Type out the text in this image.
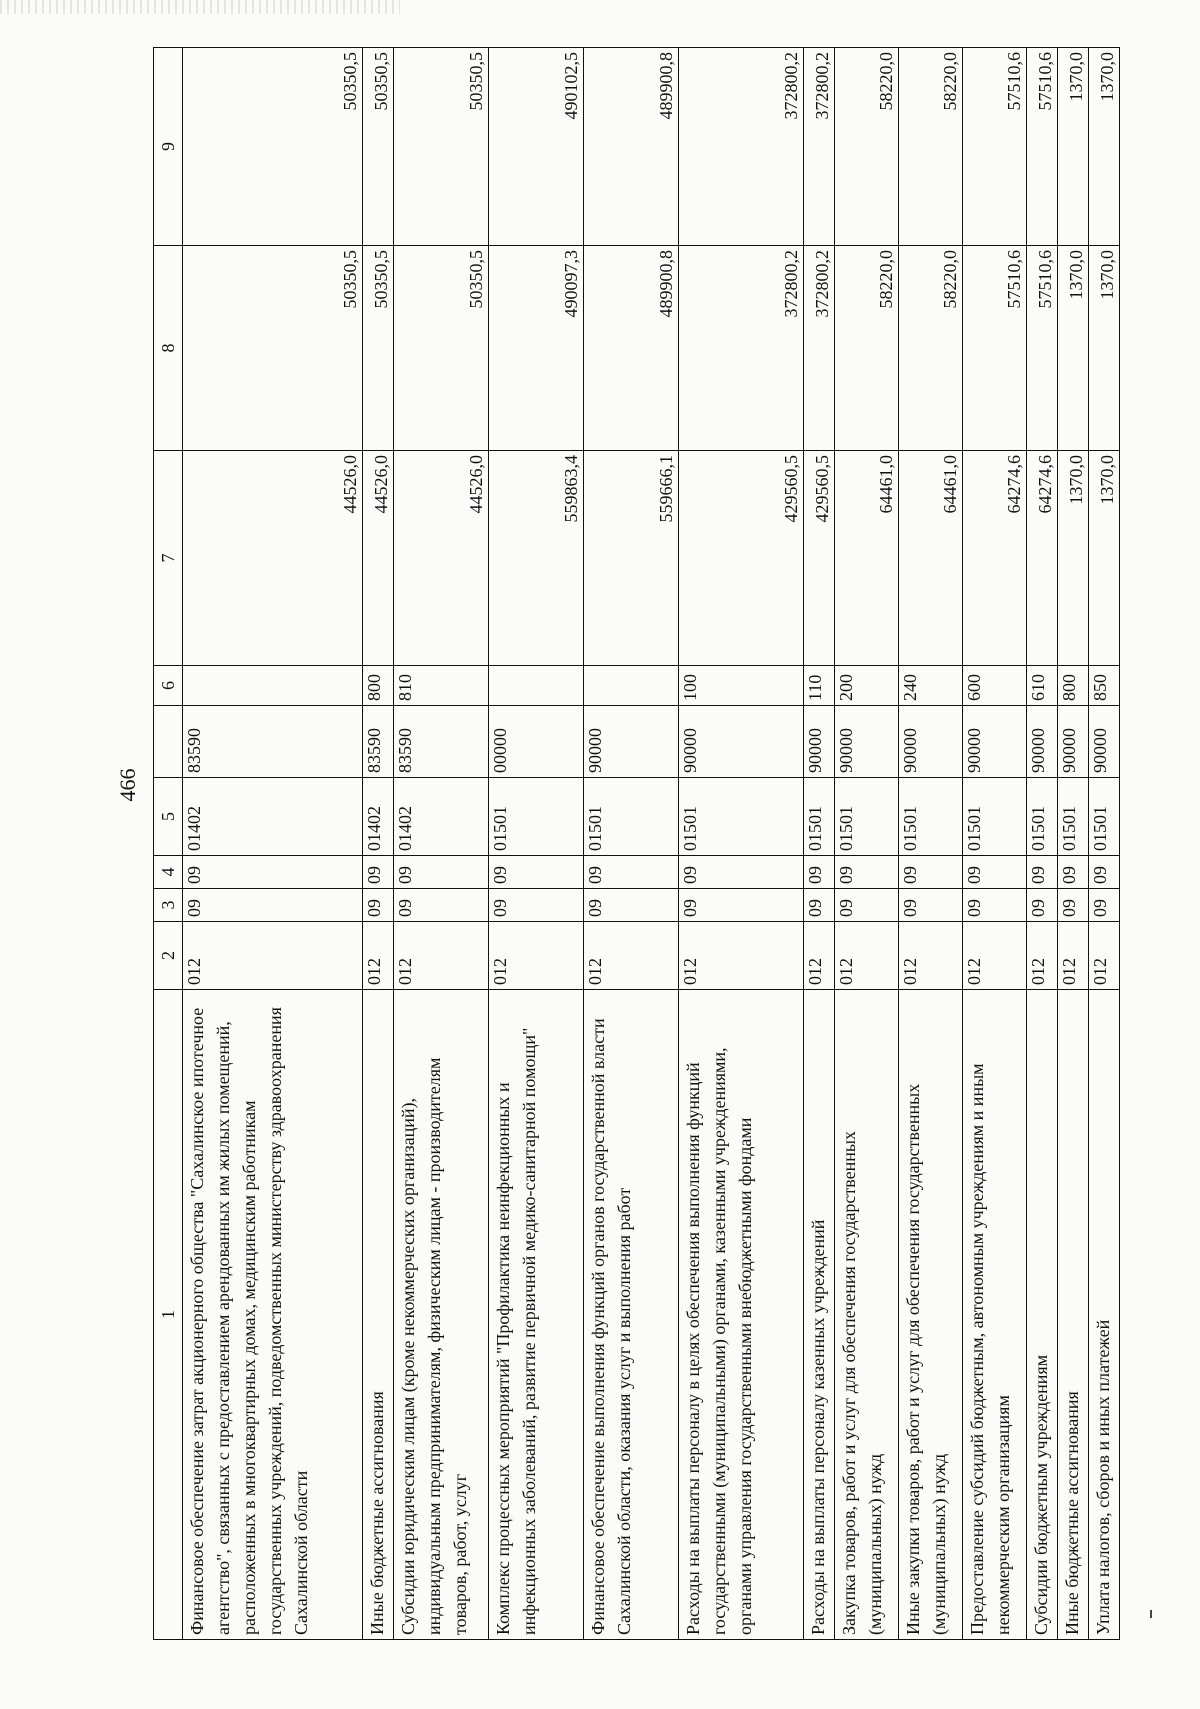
466
1	2	3	4	5		6	7	8	9
Финансовое обеспечение затрат акционерного общества "Сахалинское ипотечное агентство", связанных с предоставлением арендованных им жилых помещений, расположенных в многоквартирных домах, медицинским работникам государственных учреждений, подведомственных министерству здравоохранения Сахалинской области	012	09	09	01402	83590		44526,0	50350,5	50350,5
Иные бюджетные ассигнования	012	09	09	01402	83590	800	44526,0	50350,5	50350,5
Субсидии юридическим лицам (кроме некоммерческих организаций), индивидуальным предпринимателям, физическим лицам - производителям товаров, работ, услуг	012	09	09	01402	83590	810	44526,0	50350,5	50350,5
Комплекс процессных мероприятий "Профилактика неинфекционных и инфекционных заболеваний, развитие первичной медико-санитарной помощи"	012	09	09	01501	00000		559863,4	490097,3	490102,5
Финансовое обеспечение выполнения функций органов государственной власти Сахалинской области, оказания услуг и выполнения работ	012	09	09	01501	90000		559666,1	489900,8	489900,8
Расходы на выплаты персоналу в целях обеспечения выполнения функций государственными (муниципальными) органами, казенными учреждениями, органами управления государственными внебюджетными фондами	012	09	09	01501	90000	100	429560,5	372800,2	372800,2
Расходы на выплаты персоналу казенных учреждений	012	09	09	01501	90000	110	429560,5	372800,2	372800,2
Закупка товаров, работ и услуг для обеспечения государственных (муниципальных) нужд	012	09	09	01501	90000	200	64461,0	58220,0	58220,0
Иные закупки товаров, работ и услуг для обеспечения государственных (муниципальных) нужд	012	09	09	01501	90000	240	64461,0	58220,0	58220,0
Предоставление субсидий бюджетным, автономным учреждениям и иным некоммерческим организациям	012	09	09	01501	90000	600	64274,6	57510,6	57510,6
Субсидии бюджетным учреждениям	012	09	09	01501	90000	610	64274,6	57510,6	57510,6
Иные бюджетные ассигнования	012	09	09	01501	90000	800	1370,0	1370,0	1370,0
Уплата налогов, сборов и иных платежей	012	09	09	01501	90000	850	1370,0	1370,0	1370,0
